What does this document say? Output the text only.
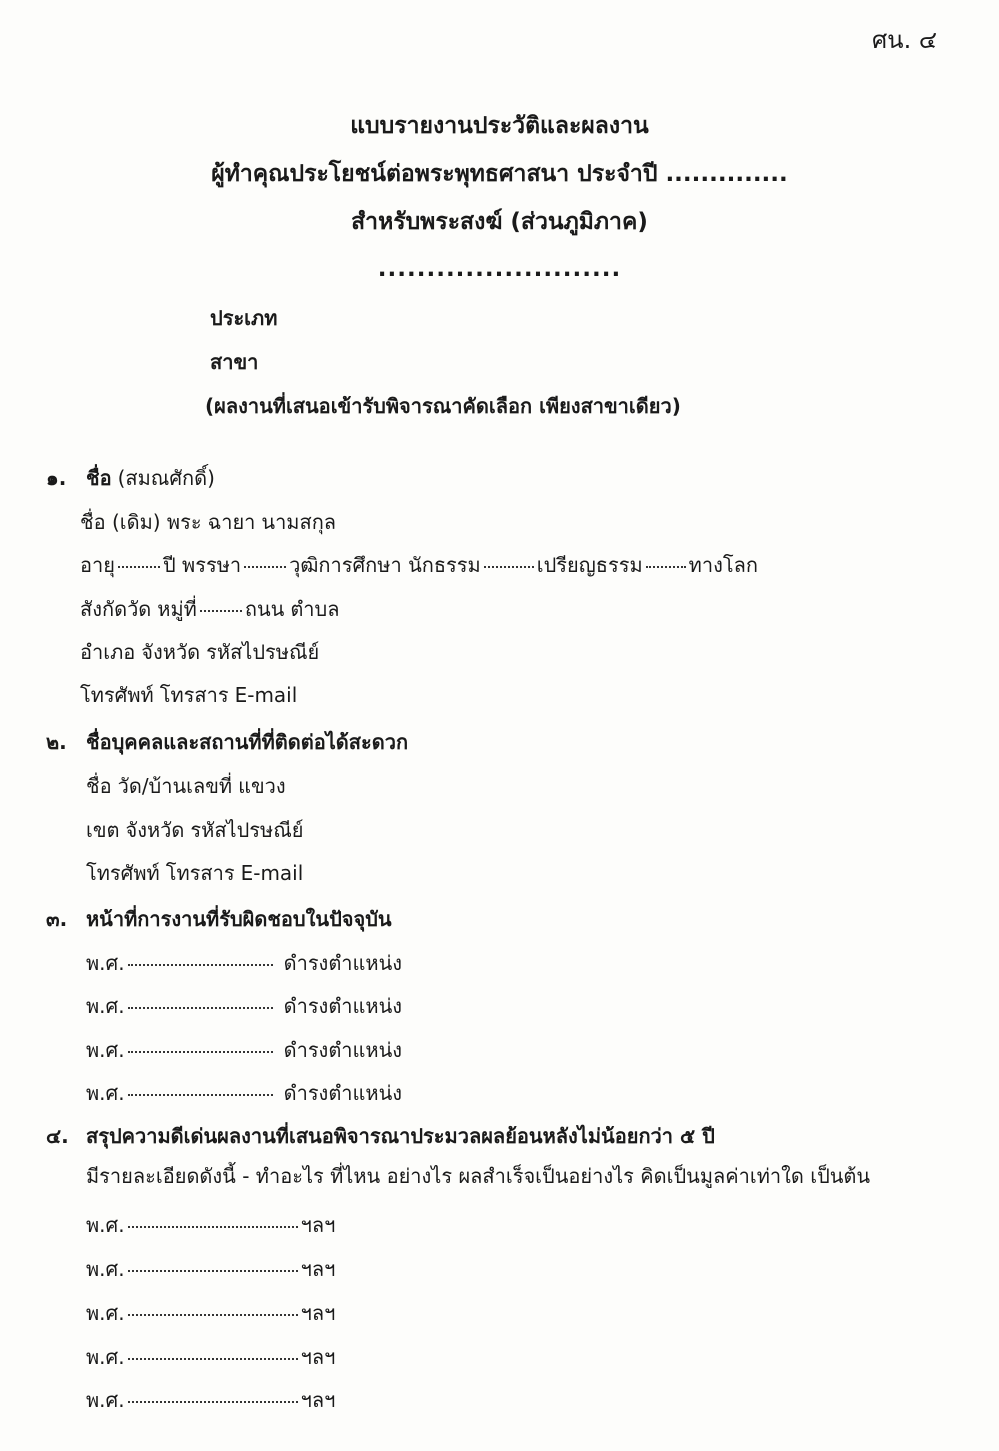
ศน. ๔
แบบรายงานประวัติและผลงาน
ผู้ทำคุณประโยชน์ต่อพระพุทธศาสนา ประจำปี ..............
สำหรับพระสงฆ์ (ส่วนภูมิภาค)
.........................
ประเภท
สาขา
(ผลงานที่เสนอเข้ารับพิจารณาคัดเลือก เพียงสาขาเดียว)
๑. ชื่อ (สมณศักดิ์)
ชื่อ (เดิม) พระ ฉายา นามสกุล
อายุ ปี พรรษา วุฒิการศึกษา นักธรรม	เปรียญธรรม ทางโลก
สังกัดวัด หมู่ที่ ถนน ตำบล
อำเภอ จังหวัด รหัสไปรษณีย์
โทรศัพท์ โทรสาร E-mail
๒. ชื่อบุคคลและสถานที่ที่ติดต่อได้สะดวก
ชื่อ วัด/บ้านเลขที่ แขวง
เขต จังหวัด รหัสไปรษณีย์
โทรศัพท์ โทรสาร E-mail
๓. หน้าที่การงานที่รับผิดชอบในปัจจุบัน
พ.ศ.	ดำรงตำแหน่ง
พ.ศ.	ดำรงตำแหน่ง
พ.ศ.	ดำรงตำแหน่ง
พ.ศ.	ดำรงตำแหน่ง
๔. สรุปความดีเด่นผลงานที่เสนอพิจารณาประมวลผลย้อนหลังไม่น้อยกว่า ๕ ปี
มีรายละเอียดดังนี้ - ทำอะไร ที่ไหน อย่างไร ผลสำเร็จเป็นอย่างไร คิดเป็นมูลค่าเท่าใด เป็นต้น
พ.ศ.	ฯลฯ
พ.ศ.	ฯลฯ
พ.ศ.	ฯลฯ
พ.ศ.	ฯลฯ
พ.ศ.	ฯลฯ
